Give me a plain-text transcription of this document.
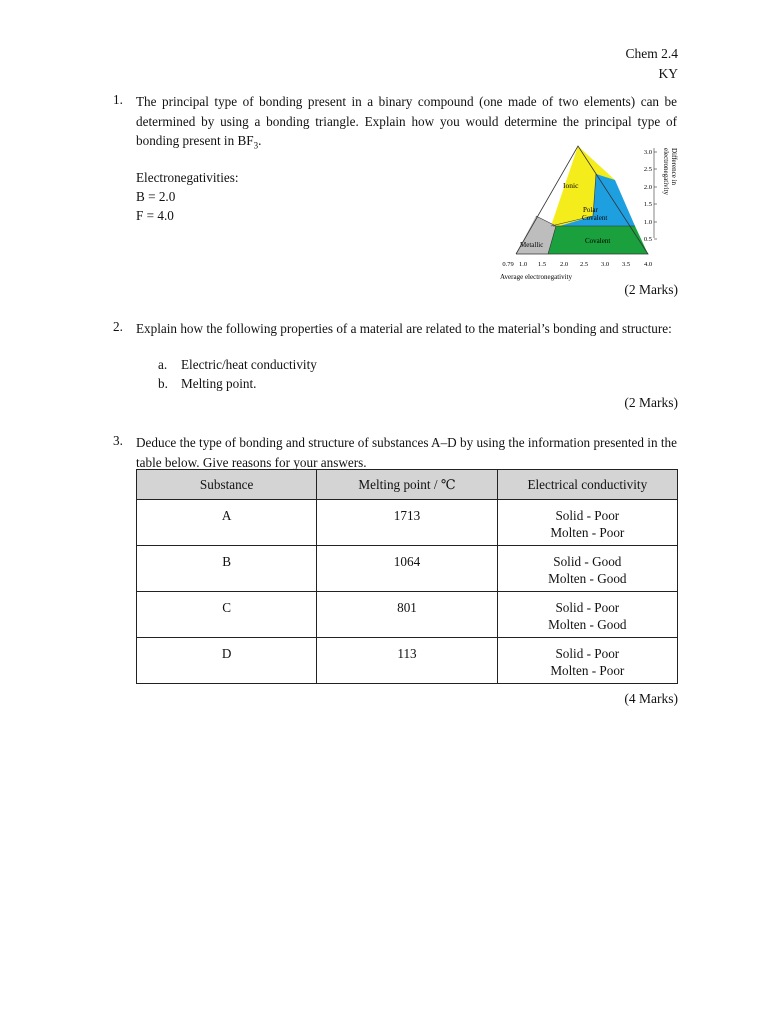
Chem 2.4
KY
1. The principal type of bonding present in a binary compound (one made of two elements) can be determined by using a bonding triangle. Explain how you would determine the principal type of bonding present in $BF_3$.
Electronegativities:
B = 2.0
F = 4.0
Ionic
Polar
Covalent
Covalent
Metallic
3.0
2.5
2.0
1.5
1.0
0.5
Difference in
electronegativity
0.79 1.0 1.5 2.0 2.5 3.0 3.5 4.0
Average electronegativity
(2 Marks)
2. Explain how the following properties of a material are related to the material’s bonding and structure:
a. Electric/heat conductivity
b. Melting point.
(2 Marks)
3. Deduce the type of bonding and structure of substances A–D by using the information presented in the table below. Give reasons for your answers.
Substance	Melting point / ℃	Electrical conductivity
A	1713	Solid - Poor
Molten - Poor

B	1064	Solid - Good
Molten - Good

C	801	Solid - Poor
Molten - Good

D	113	Solid - Poor
Molten - Poor
(4 Marks)
